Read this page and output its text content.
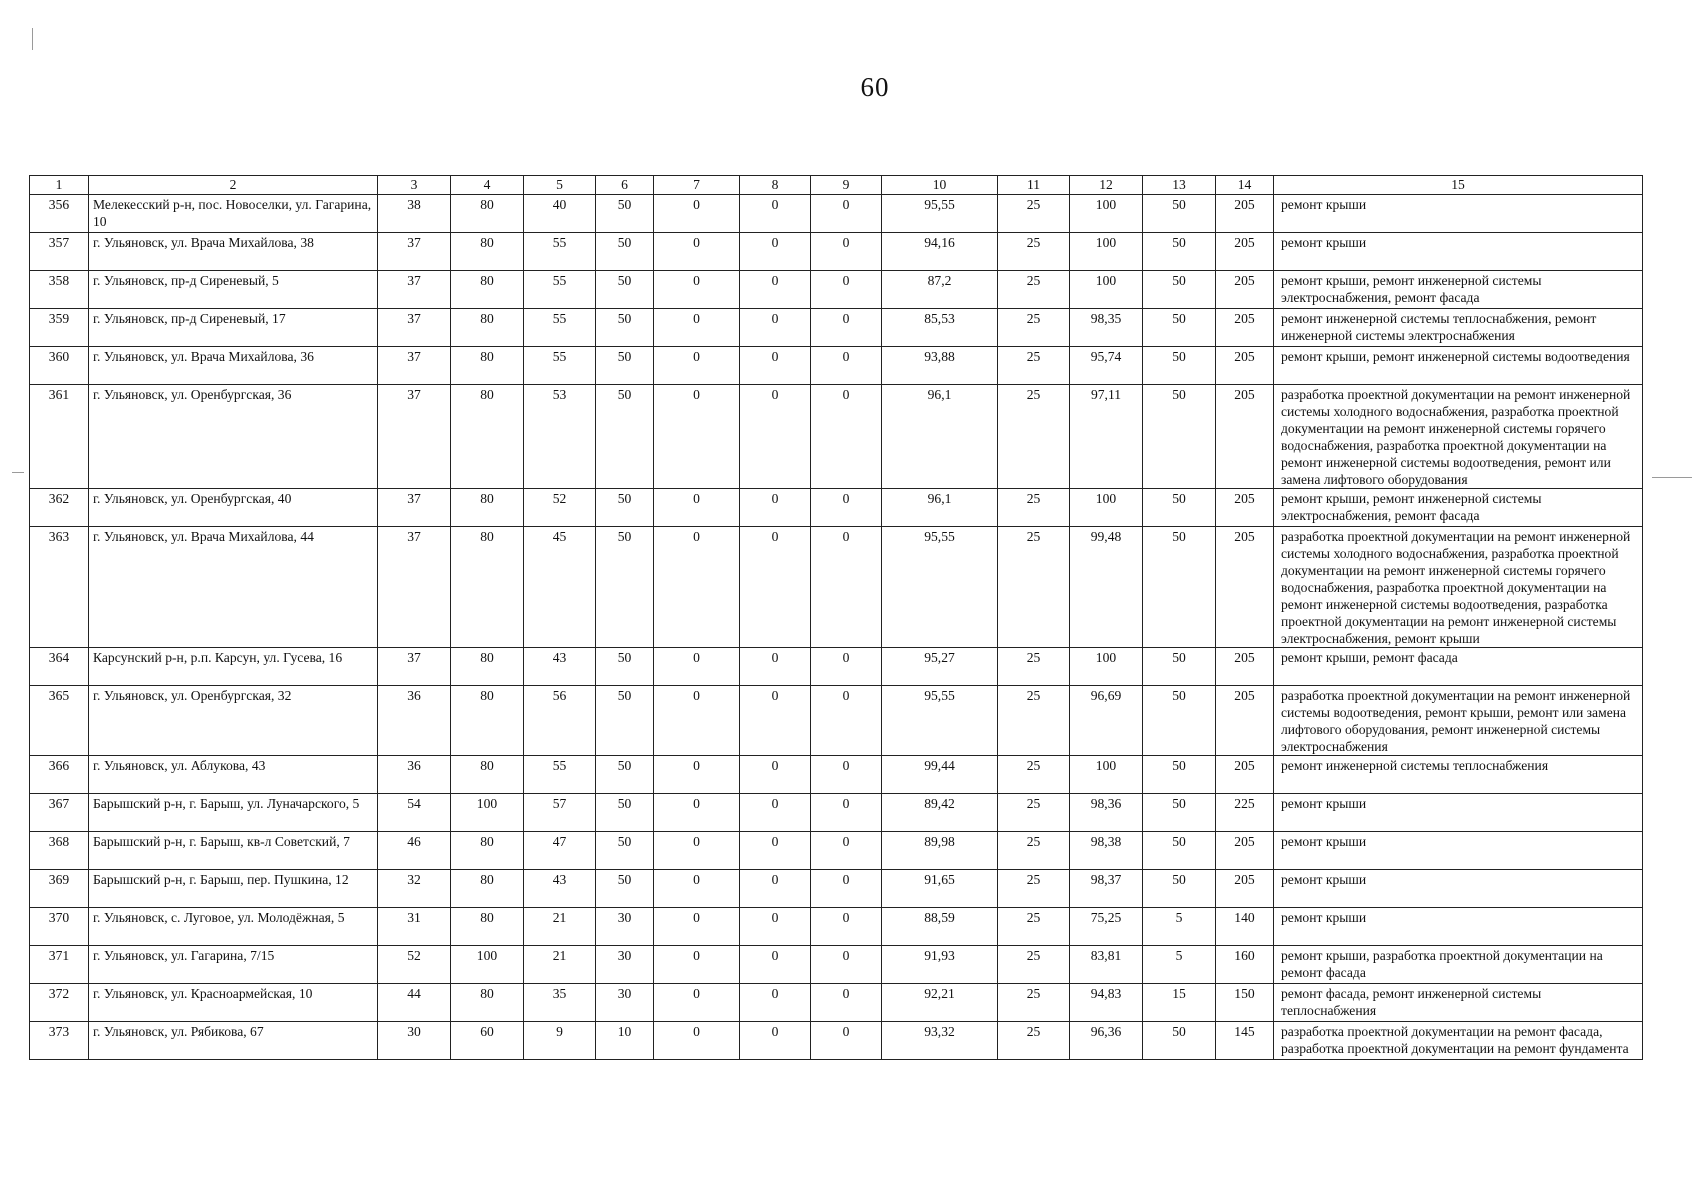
60
1	2	3	4	5	6	7	8	9	10	11	12	13	14	15
356	Мелекесский р-н, пос. Новоселки, ул. Гагарина, 10	38	80	40	50	0	0	0	95,55	25	100	50	205	ремонт крыши
357	г. Ульяновск, ул. Врача Михайлова, 38	37	80	55	50	0	0	0	94,16	25	100	50	205	ремонт крыши
358	г. Ульяновск, пр-д Сиреневый, 5	37	80	55	50	0	0	0	87,2	25	100	50	205	ремонт крыши, ремонт инженерной системы электроснабжения, ремонт фасада
359	г. Ульяновск, пр-д Сиреневый, 17	37	80	55	50	0	0	0	85,53	25	98,35	50	205	ремонт инженерной системы теплоснабжения, ремонт инженерной системы электроснабжения
360	г. Ульяновск, ул. Врача Михайлова, 36	37	80	55	50	0	0	0	93,88	25	95,74	50	205	ремонт крыши, ремонт инженерной системы водоотведения
361	г. Ульяновск, ул. Оренбургская, 36	37	80	53	50	0	0	0	96,1	25	97,11	50	205	разработка проектной документации на ремонт инженерной системы холодного водоснабжения, разработка проектной документации на ремонт инженерной системы горячего водоснабжения, разработка проектной документации на ремонт инженерной системы водоотведения, ремонт или замена лифтового оборудования
362	г. Ульяновск, ул. Оренбургская, 40	37	80	52	50	0	0	0	96,1	25	100	50	205	ремонт крыши, ремонт инженерной системы электроснабжения, ремонт фасада
363	г. Ульяновск, ул. Врача Михайлова, 44	37	80	45	50	0	0	0	95,55	25	99,48	50	205	разработка проектной документации на ремонт инженерной системы холодного водоснабжения, разработка проектной документации на ремонт инженерной системы горячего водоснабжения, разработка проектной документации на ремонт инженерной системы водоотведения, разработка проектной документации на ремонт инженерной системы электроснабжения, ремонт крыши
364	Карсунский р-н, р.п. Карсун, ул. Гусева, 16	37	80	43	50	0	0	0	95,27	25	100	50	205	ремонт крыши, ремонт фасада
365	г. Ульяновск, ул. Оренбургская, 32	36	80	56	50	0	0	0	95,55	25	96,69	50	205	разработка проектной документации на ремонт инженерной системы водоотведения, ремонт крыши, ремонт или замена лифтового оборудования, ремонт инженерной системы электроснабжения
366	г. Ульяновск, ул. Аблукова, 43	36	80	55	50	0	0	0	99,44	25	100	50	205	ремонт инженерной системы теплоснабжения
367	Барышский р-н, г. Барыш, ул. Луначарского, 5	54	100	57	50	0	0	0	89,42	25	98,36	50	225	ремонт крыши
368	Барышский р-н, г. Барыш, кв-л Советский, 7	46	80	47	50	0	0	0	89,98	25	98,38	50	205	ремонт крыши
369	Барышский р-н, г. Барыш, пер. Пушкина, 12	32	80	43	50	0	0	0	91,65	25	98,37	50	205	ремонт крыши
370	г. Ульяновск, с. Луговое, ул. Молодёжная, 5	31	80	21	30	0	0	0	88,59	25	75,25	5	140	ремонт крыши
371	г. Ульяновск, ул. Гагарина, 7/15	52	100	21	30	0	0	0	91,93	25	83,81	5	160	ремонт крыши, разработка проектной документации на ремонт фасада
372	г. Ульяновск, ул. Красноармейская, 10	44	80	35	30	0	0	0	92,21	25	94,83	15	150	ремонт фасада, ремонт инженерной системы теплоснабжения
373	г. Ульяновск, ул. Рябикова, 67	30	60	9	10	0	0	0	93,32	25	96,36	50	145	разработка проектной документации на ремонт фасада, разработка проектной документации на ремонт фундамента
